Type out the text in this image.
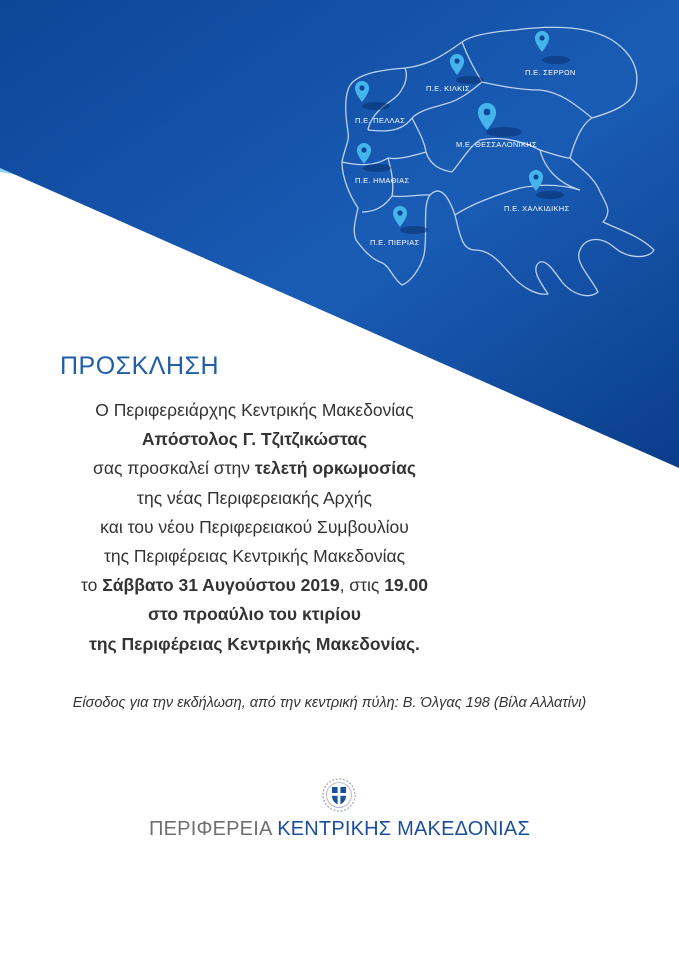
Π.Ε. ΣΕΡΡΩΝ
Π.Ε. ΚΙΛΚΙΣ
Π.Ε. ΠΕΛΛΑΣ
Μ.Ε. ΘΕΣΣΑΛΟΝΙΚΗΣ
Π.Ε. ΗΜΑΘΙΑΣ
Π.Ε. ΧΑΛΚΙΔΙΚΗΣ
Π.Ε. ΠΙΕΡΙΑΣ
ΠΡΟΣΚΛΗΣΗ
Ο Περιφερειάρχης Κεντρικής Μακεδονίας
Απόστολος Γ. Τζιτζικώστας
σας προσκαλεί στην τελετή ορκωμοσίας
της νέας Περιφερειακής Αρχής
και του νέου Περιφερειακού Συμβουλίου
της Περιφέρειας Κεντρικής Μακεδονίας
το Σάββατο 31 Αυγούστου 2019, στις 19.00
στο προαύλιο του κτιρίου
της Περιφέρειας Κεντρικής Μακεδονίας.
Είσοδος για την εκδήλωση, από την κεντρική πύλη: Β. Όλγας 198 (Βίλα Αλλατίνι)
ΠΕΡΙΦΕΡΕΙΑ ΚΕΝΤΡΙΚΗΣ ΜΑΚΕΔΟΝΙΑΣ
